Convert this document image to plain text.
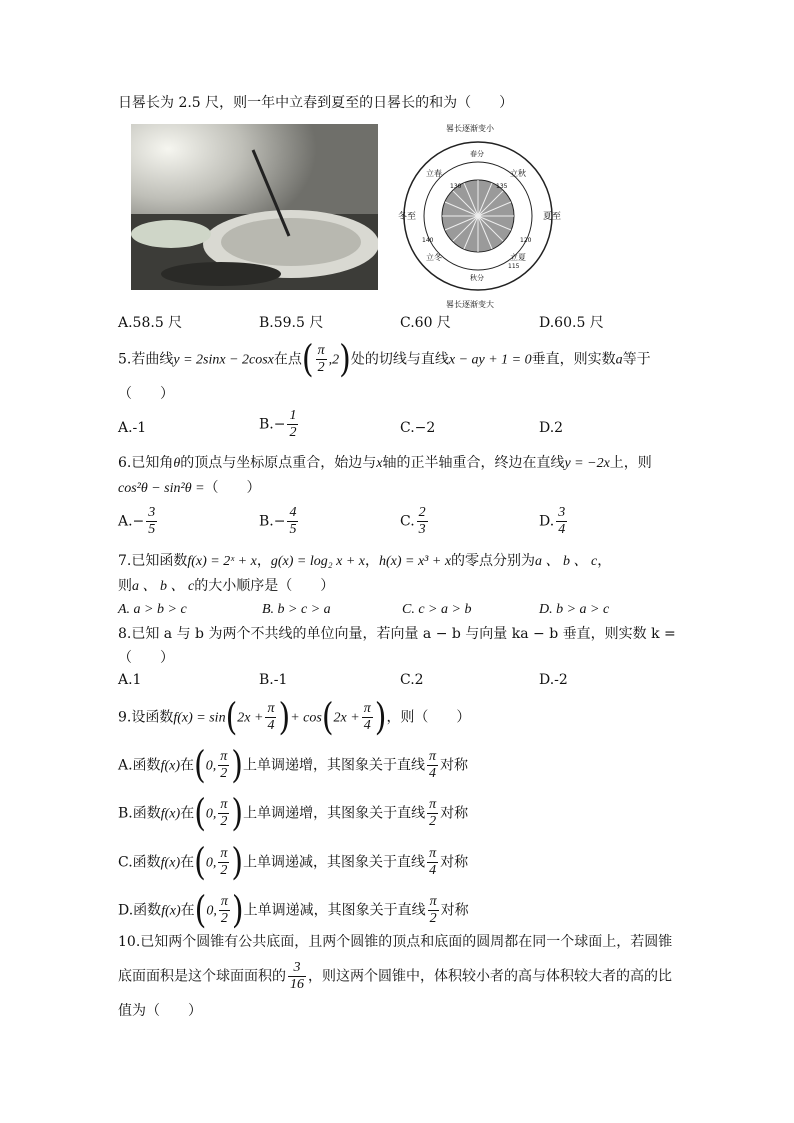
日晷长为 2.5 尺，则一年中立春到夏至的日晷长的和为（　　）
晷长逐渐变小
晷长逐渐变大
冬至	夏至
立春	立秋
立夏
立冬
春分
秋分
130	135
140
115
120
A.58.5 尺	B.59.5 尺	C.60 尺	D.60.5 尺
5.若曲线y = 2sinx − 2cosx在点( $\frac{\pi}{2} ,2$)处的切线与直线x − ay + 1 = 0垂直，则实数a等于
（　　）
A.-1	$B.- \frac{1}{2}$	C.−2	D.2
6.已知角θ的顶点与坐标原点重合，始边与x轴的正半轴重合，终边在直线y = −2x上，则
cos²θ − sin²θ =（　　）
$A.- \frac{3}{5}$	$B.- \frac{4}{5}$	C. $\frac{2}{3}$	D. $\frac{3}{4}$
7.已知函数f(x) = 2ˣ + x，g(x) = log₂ x + x，h(x) = x³ + x的零点分别为a 、 b 、 c，
则a 、 b 、 c的大小顺序是（　　）
A. a > b > c	B. b > c > a	C. c > a > b	D. b > a > c
8.已知 a 与 b 为两个不共线的单位向量，若向量 a − b 与向量 ka − b 垂直，则实数 k =
（　　）
A.1	B.-1	C.2	D.-2
9.设函数$f(x) = \sin(2x + \frac{\pi}{4}$ )+ $\cos(2x + \frac{\pi}{4}$ )，则（　　）
A.函数f(x)在(0, $\frac{\pi}{2}$ )上单调递增，其图象关于直线 $\frac{\pi}{4}$ 对称
B.函数f(x)在(0, $\frac{\pi}{2}$ )上单调递增，其图象关于直线 $\frac{\pi}{2}$ 对称
C.函数f(x)在(0, $\frac{\pi}{2}$ )上单调递减，其图象关于直线 $\frac{\pi}{4}$ 对称
D.函数f(x)在(0, $\frac{\pi}{2}$ )上单调递减，其图象关于直线 $\frac{\pi}{2}$ 对称
10.已知两个圆锥有公共底面，且两个圆锥的顶点和底面的圆周都在同一个球面上，若圆锥
底面面积是这个球面面积的 $\frac{3}{16}$ ，则这两个圆锥中，体积较小者的高与体积较大者的高的比
值为（　　）
